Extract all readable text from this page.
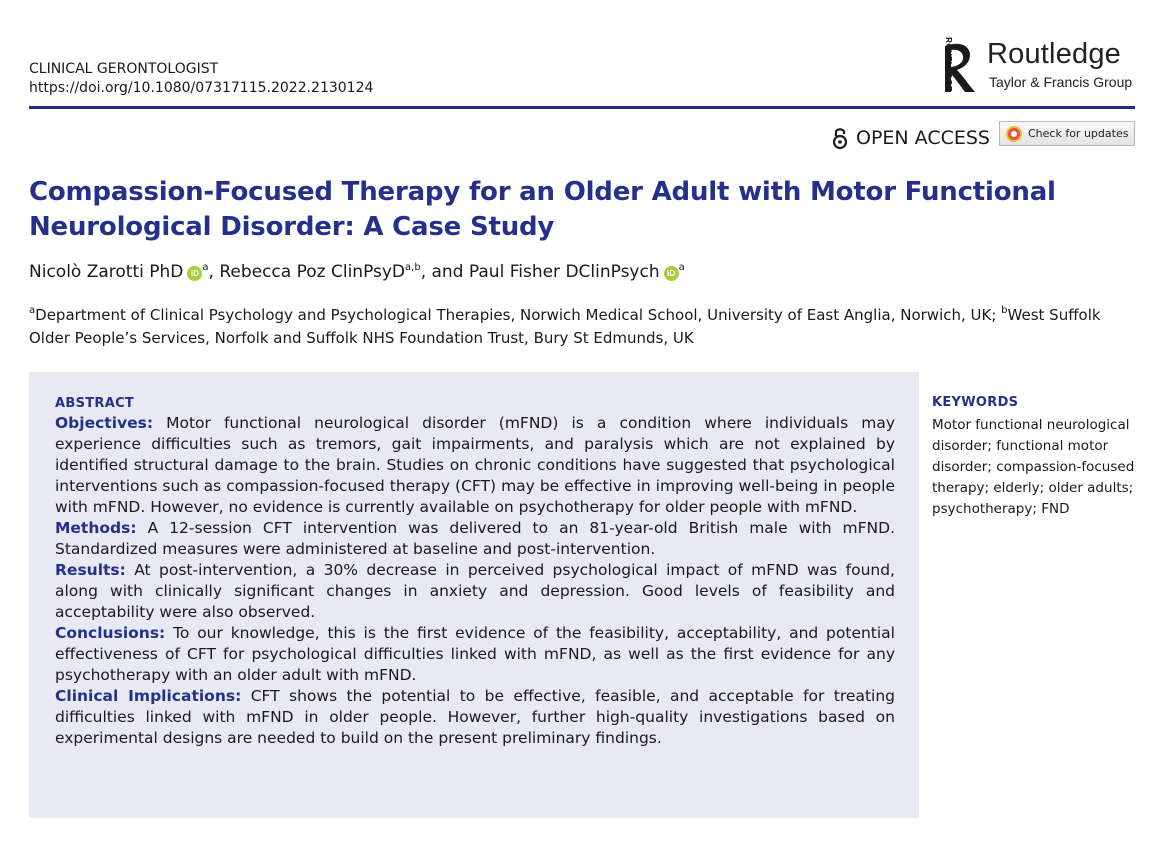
CLINICAL GERONTOLOGIST
https://doi.org/10.1080/07317115.2022.2130124	ROUTLEDGE Routledge
Taylor & Francis Group
OPEN ACCESS	Check for updates
Compassion-Focused Therapy for an Older Adult with Motor Functional
Neurological Disorder: A Case Study
Nicolò Zarotti PhD $iD^a$, Rebecca Poz ClinPsyD$^{a,b}$, and Paul Fisher DClinPsych $iD^a$
$^a$Department of Clinical Psychology and Psychological Therapies, Norwich Medical School, University of East Anglia, Norwich, UK; $^b$West Suffolk Older People’s Services, Norfolk and Suffolk NHS Foundation Trust, Bury St Edmunds, UK
ABSTRACT

Objectives: Motor functional neurological disorder (mFND) is a condition where individuals may experience difficulties such as tremors, gait impairments, and paralysis which are not explained by identified structural damage to the brain. Studies on chronic conditions have suggested that psychological interventions such as compassion-focused therapy (CFT) may be effective in improving well-being in people with mFND. However, no evidence is currently available on psychotherapy for older people with mFND.

Methods: A 12-session CFT intervention was delivered to an 81-year-old British male with mFND. Standardized measures were administered at baseline and post-intervention.

Results: At post-intervention, a 30% decrease in perceived psychological impact of mFND was found, along with clinically significant changes in anxiety and depression. Good levels of feasibility and acceptability were also observed.

Conclusions: To our knowledge, this is the first evidence of the feasibility, acceptability, and potential effectiveness of CFT for psychological difficulties linked with mFND, as well as the first evidence for any psychotherapy with an older adult with mFND.

Clinical Implications: CFT shows the potential to be effective, feasible, and acceptable for treating difficulties linked with mFND in older people. However, further high-quality investigations based on experimental designs are needed to build on the present preliminary findings.

KEYWORDS
Motor functional neurological disorder; functional motor disorder; compassion-focused therapy; elderly; older adults; psychotherapy; FND
